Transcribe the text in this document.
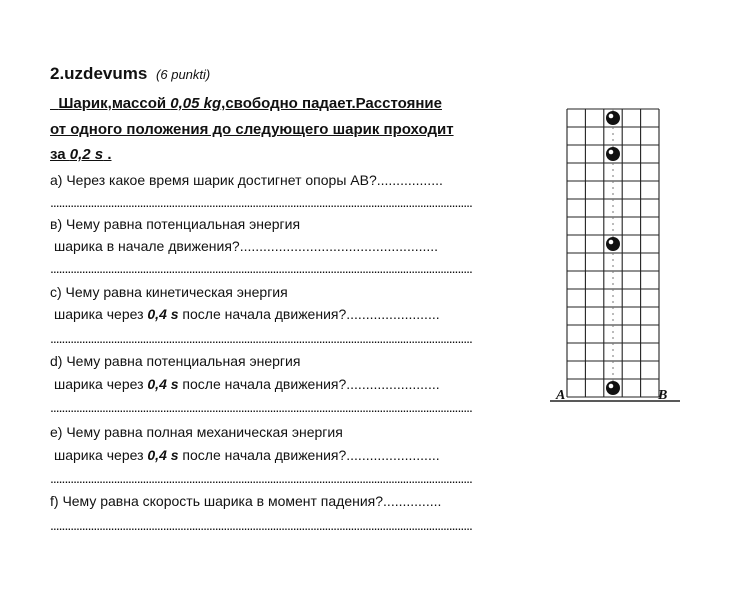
2.uzdevums (6 punkti)
Шарик,массой 0,05 kg,свободно падает.Расстояние
от одного положения до следующего шарик проходит
за 0,2 s .
а) Через какое время шарик достигнет опоры АВ?.................
..................................................................................................................................................
в) Чему равна потенциальная энергия
шарика в начале движения?...................................................
..................................................................................................................................................
с) Чему равна кинетическая энергия
шарика через 0,4 s после начала движения?........................
..................................................................................................................................................
d) Чему равна потенциальная энергия
шарика через 0,4 s после начала движения?........................
..................................................................................................................................................
е) Чему равна полная механическая энергия
шарика через 0,4 s после начала движения?........................
..................................................................................................................................................
f) Чему равна скорость шарика в момент падения?...............
..................................................................................................................................................
A	B
